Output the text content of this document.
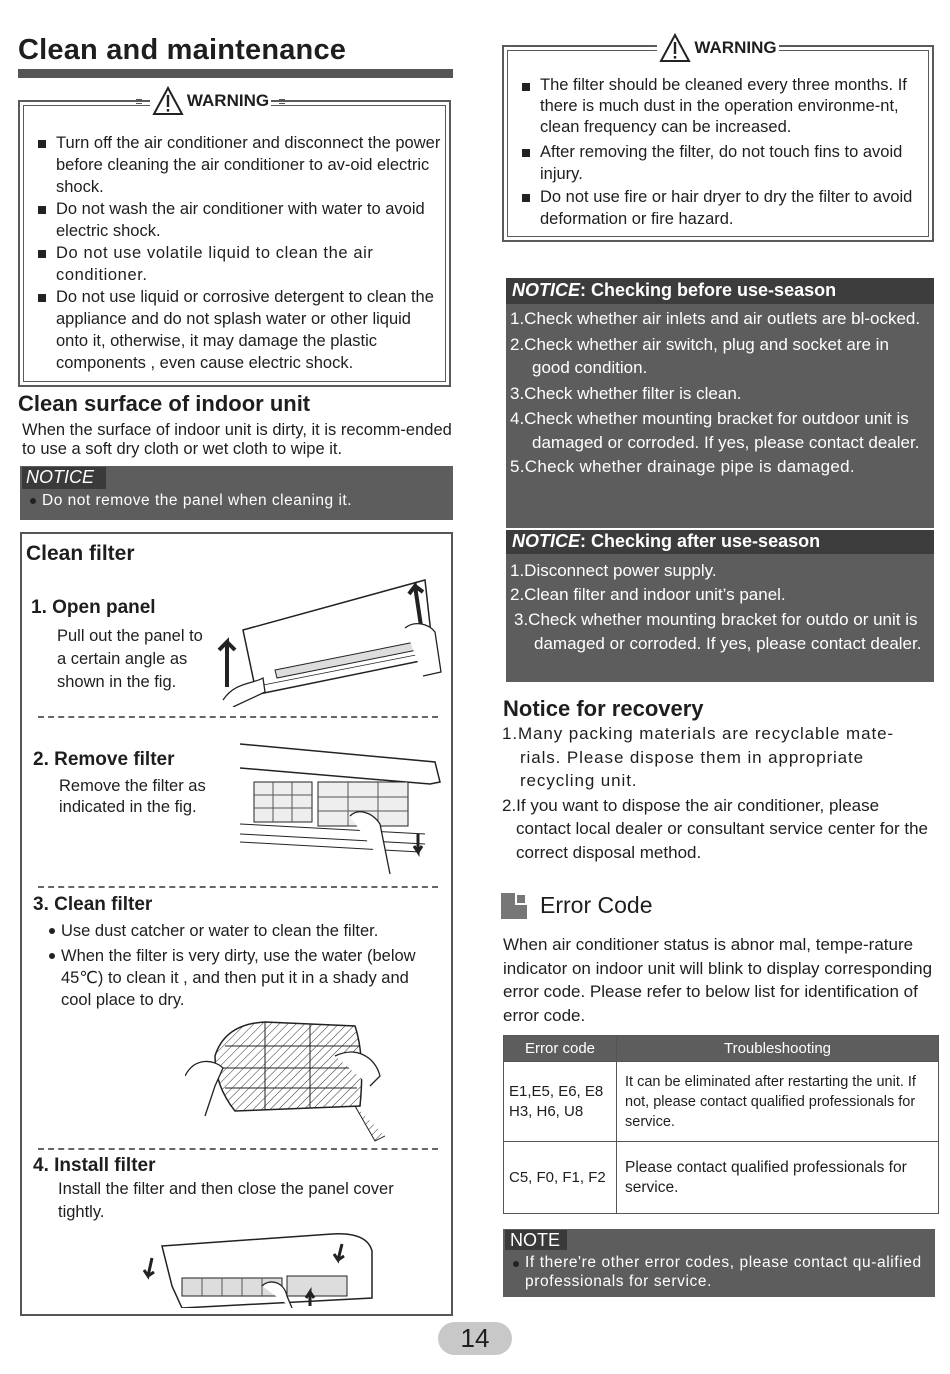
Clean and maintenance
WARNING
Turn off the air conditioner and disconnect the power before cleaning the air conditioner to av-oid electric shock.
Do not wash the air conditioner with water to avoid electric shock.
Do not use volatile liquid to clean the air conditioner.
Do not use liquid or corrosive detergent to clean the appliance and do not splash water or other liquid onto it, otherwise, it may damage the plastic components , even cause electric shock.
Clean surface of indoor unit
When the surface of indoor unit is dirty, it is recomm-ended to use a soft dry cloth or wet cloth to wipe it.
NOTICE
Do not remove the panel when cleaning it.
Clean filter
1. Open panel
Pull out the panel to a certain angle as shown in the fig.
2. Remove filter
Remove the filter as indicated in the fig.
3. Clean filter
Use dust catcher or water to clean the filter.
When the filter is very dirty, use the water (below 45℃) to clean it , and then put it in a shady and cool place to dry.
4. Install filter
Install the filter and then close the panel cover tightly.
WARNING
The filter should be cleaned every three months. If there is much dust in the operation environme-nt, clean frequency can be increased.
After removing the filter, do not touch fins to avoid injury.
Do not use fire or hair dryer to dry the filter to avoid deformation or fire hazard.
NOTICE: Checking before use-season
1.Check whether air inlets and air outlets are bl-ocked.
2.Check whether air switch, plug and socket are in good condition.
3.Check whether filter is clean.
4.Check whether mounting bracket for outdoor unit is damaged or corroded. If yes, please contact dealer.
5.Check whether drainage pipe is damaged.
NOTICE: Checking after use-season
1.Disconnect power supply.
2.Clean filter and indoor unit’s panel.
3.Check whether mounting bracket for outdo or unit is damaged or corroded. If yes, please contact dealer.
Notice for recovery
1.Many packing materials are recyclable mate-rials. Please dispose them in appropriate recycling unit.
2.If you want to dispose the air conditioner, please contact local dealer or consultant service center for the correct disposal method.
Error Code
When air conditioner status is abnor mal, tempe-rature indicator on indoor unit will blink to display corresponding error code. Please refer to below list for identification of error code.
Error code	Troubleshooting
E1,E5, E6, E8 H3, H6, U8	It can be eliminated after restarting the unit. If not, please contact qualified professionals for service.
C5, F0, F1, F2	Please contact qualified professionals for service.
NOTE
If there're other error codes, please contact qu-alified professionals for service.
14
